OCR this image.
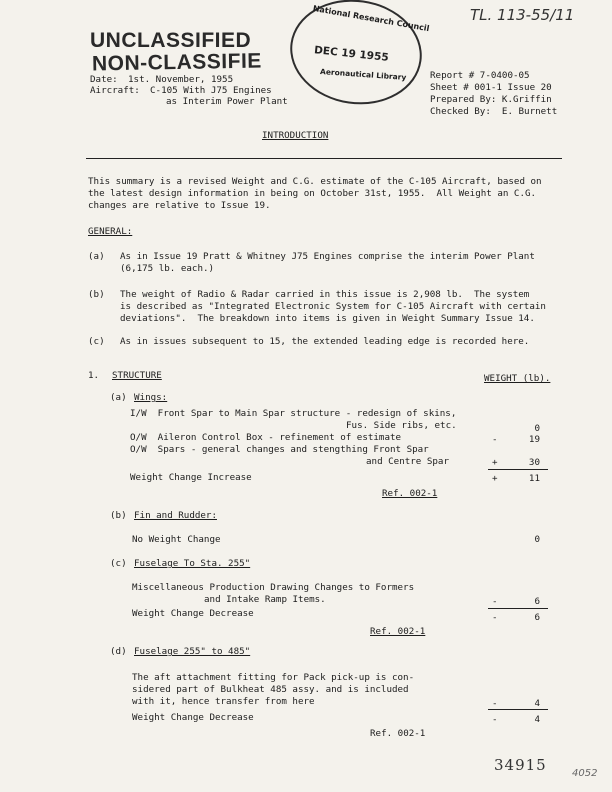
TL. 113-55/11
UNCLASSIFIED
NON-CLASSIFIE
National Research Council
DEC 19 1955
Aeronautical Library
Date: 1st. November, 1955
Aircraft: C-105 With J75 Engines
as Interim Power Plant
Report # 7-0400-05
Sheet # 001-1 Issue 20
Prepared By: K.Griffin
Checked By:  E. Burnett
INTRODUCTION
This summary is a revised Weight and C.G. estimate of the C-105 Aircraft, based on
the latest design information in being on October 31st, 1955.  All Weight an C.G.
changes are relative to Issue 19.
GENERAL:
(a) As in Issue 19 Pratt & Whitney J75 Engines comprise the interim Power Plant
(6,175 lb. each.)
(b) The weight of Radio & Radar carried in this issue is 2,908 lb.  The system
is described as "Integrated Electronic System for C-105 Aircraft with certain
deviations".  The breakdown into items is given in Weight Summary Issue 14.
(c) As in issues subsequent to 15, the extended leading edge is recorded here.
1. STRUCTURE	WEIGHT (lb).
(a) Wings:
I/W  Front Spar to Main Spar structure - redesign of skins,
Fus. Side ribs, etc.	0
O/W  Aileron Control Box - refinement of estimate	-	19
O/W  Spars - general changes and stengthing Front Spar
and Centre Spar	+	30
Weight Change Increase	+	11
Ref. 002-1
(b) Fin and Rudder:
No Weight Change	0
(c) Fuselage To Sta. 255"
Miscellaneous Production Drawing Changes to Formers
and Intake Ramp Items.	-	6
Weight Change Decrease	-	6
Ref. 002-1
(d) Fuselage 255" to 485"
The aft attachment fitting for Pack pick-up is con-
sidered part of Bulkheat 485 assy. and is included
with it, hence transfer from here	-	4
Weight Change Decrease	-	4
Ref. 002-1
34915	4052
